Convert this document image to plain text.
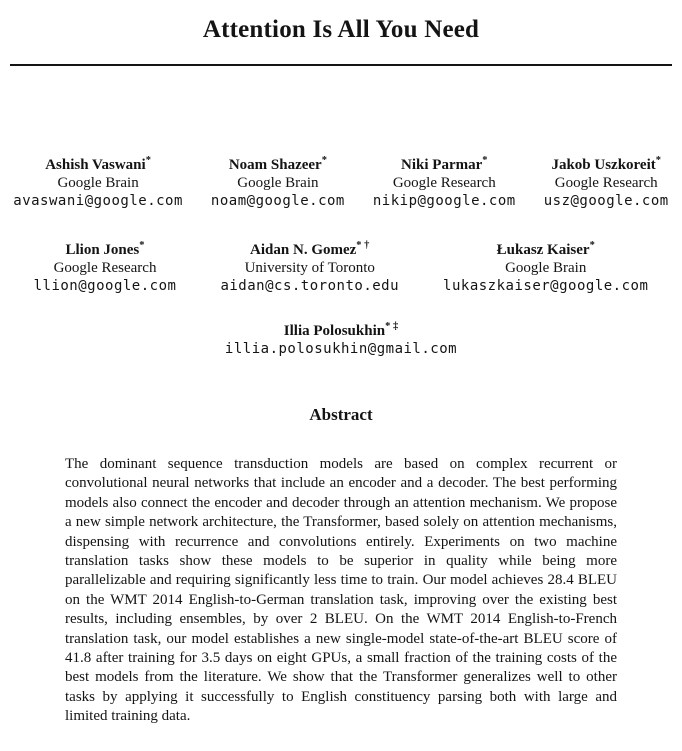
Attention Is All You Need
Ashish Vaswani*
Google Brain
avaswani@google.com
Noam Shazeer*
Google Brain
noam@google.com
Niki Parmar*
Google Research
nikip@google.com
Jakob Uszkoreit*
Google Research
usz@google.com
Llion Jones*
Google Research
llion@google.com
Aidan N. Gomez* †
University of Toronto
aidan@cs.toronto.edu
Łukasz Kaiser*
Google Brain
lukaszkaiser@google.com
Illia Polosukhin* ‡
illia.polosukhin@gmail.com
Abstract

The dominant sequence transduction models are based on complex recurrent or convolutional neural networks that include an encoder and a decoder. The best performing models also connect the encoder and decoder through an attention mechanism. We propose a new simple network architecture, the Transformer, based solely on attention mechanisms, dispensing with recurrence and convolutions entirely. Experiments on two machine translation tasks show these models to be superior in quality while being more parallelizable and requiring significantly less time to train. Our model achieves 28.4 BLEU on the WMT 2014 English-to-German translation task, improving over the existing best results, including ensembles, by over 2 BLEU. On the WMT 2014 English-to-French translation task, our model establishes a new single-model state-of-the-art BLEU score of 41.8 after training for 3.5 days on eight GPUs, a small fraction of the training costs of the best models from the literature. We show that the Transformer generalizes well to other tasks by applying it successfully to English constituency parsing both with large and limited training data.
